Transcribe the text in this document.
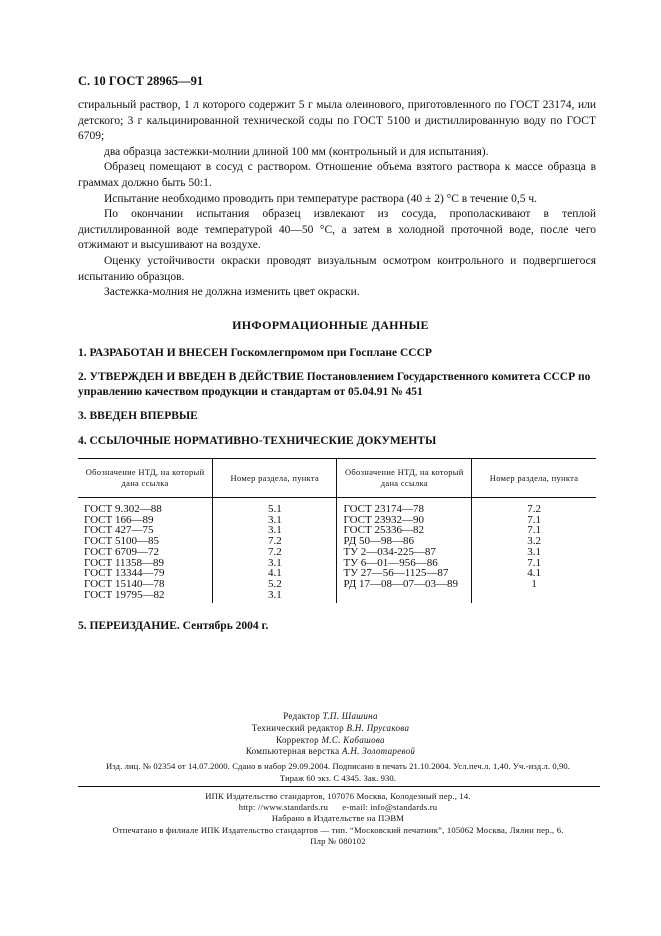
С. 10 ГОСТ 28965—91

стиральный раствор, 1 л которого содержит 5 г мыла олеинового, приготовленного по ГОСТ 23174, или детского; 3 г кальцинированной технической соды по ГОСТ 5100 и дистиллированную воду по ГОСТ 6709;

два образца застежки-молнии длиной 100 мм (контрольный и для испытания).

Образец помещают в сосуд с раствором. Отношение объема взятого раствора к массе образца в граммах должно быть 50:1.

Испытание необходимо проводить при температуре раствора (40 ± 2) °С в течение 0,5 ч.

По окончании испытания образец извлекают из сосуда, прополаскивают в теплой дистиллированной воде температурой 40—50 °С, а затем в холодной проточной воде, после чего отжимают и высушивают на воздухе.

Оценку устойчивости окраски проводят визуальным осмотром контрольного и подвергшегося испытанию образцов.

Застежка-молния не должна изменить цвет окраски.

ИНФОРМАЦИОННЫЕ ДАННЫЕ
1. РАЗРАБОТАН И ВНЕСЕН Госкомлегпромом при Госплане СССР
2. УТВЕРЖДЕН И ВВЕДЕН В ДЕЙСТВИЕ Постановлением Государственного комитета СССР по управлению качеством продукции и стандартам от 05.04.91 № 451
3. ВВЕДЕН ВПЕРВЫЕ
4. ССЫЛОЧНЫЕ НОРМАТИВНО-ТЕХНИЧЕСКИЕ ДОКУМЕНТЫ
Обозначение НТД, на который дана ссылка	Номер раздела, пункта	Обозначение НТД, на который дана ссылка	Номер раздела, пункта
ГОСТ 9.302—88	5.1	ГОСТ 23174—78	7.2
ГОСТ 166—89	3.1	ГОСТ 23932—90	7.1
ГОСТ 427—75	3.1	ГОСТ 25336—82	7.1
ГОСТ 5100—85	7.2	РД 50—98—86	3.2
ГОСТ 6709—72	7.2	ТУ 2—034-225—87	3.1
ГОСТ 11358—89	3.1	ТУ 6—01—956—86	7.1
ГОСТ 13344—79	4.1	ТУ 27—56—1125—87	4.1
ГОСТ 15140—78	5.2	РД 17—08—07—03—89	1
ГОСТ 19795—82	3.1		
5. ПЕРЕИЗДАНИЕ. Сентябрь 2004 г.
Редактор Т.П. Шашина
Технический редактор В.Н. Прусакова
Корректор М.С. Кабашова
Компьютерная верстка А.Н. Золотаревой
Изд. лиц. № 02354 от 14.07.2000. Сдано в набор 29.09.2004. Подписано в печать 21.10.2004. Усл.печ.л. 1,40. Уч.-изд.л. 0,90.
Тираж 60 экз. С 4345. Зак. 930.
ИПК Издательство стандартов, 107076 Москва, Колодезный пер., 14.
http: //www.standards.ru      e-mail: info@standards.ru
Набрано в Издательстве на ПЭВМ
Отпечатано в филиале ИПК Издательство стандартов — тип. “Московский печатник”, 105062 Москва, Лялин пер., 6.
Плр № 080102
